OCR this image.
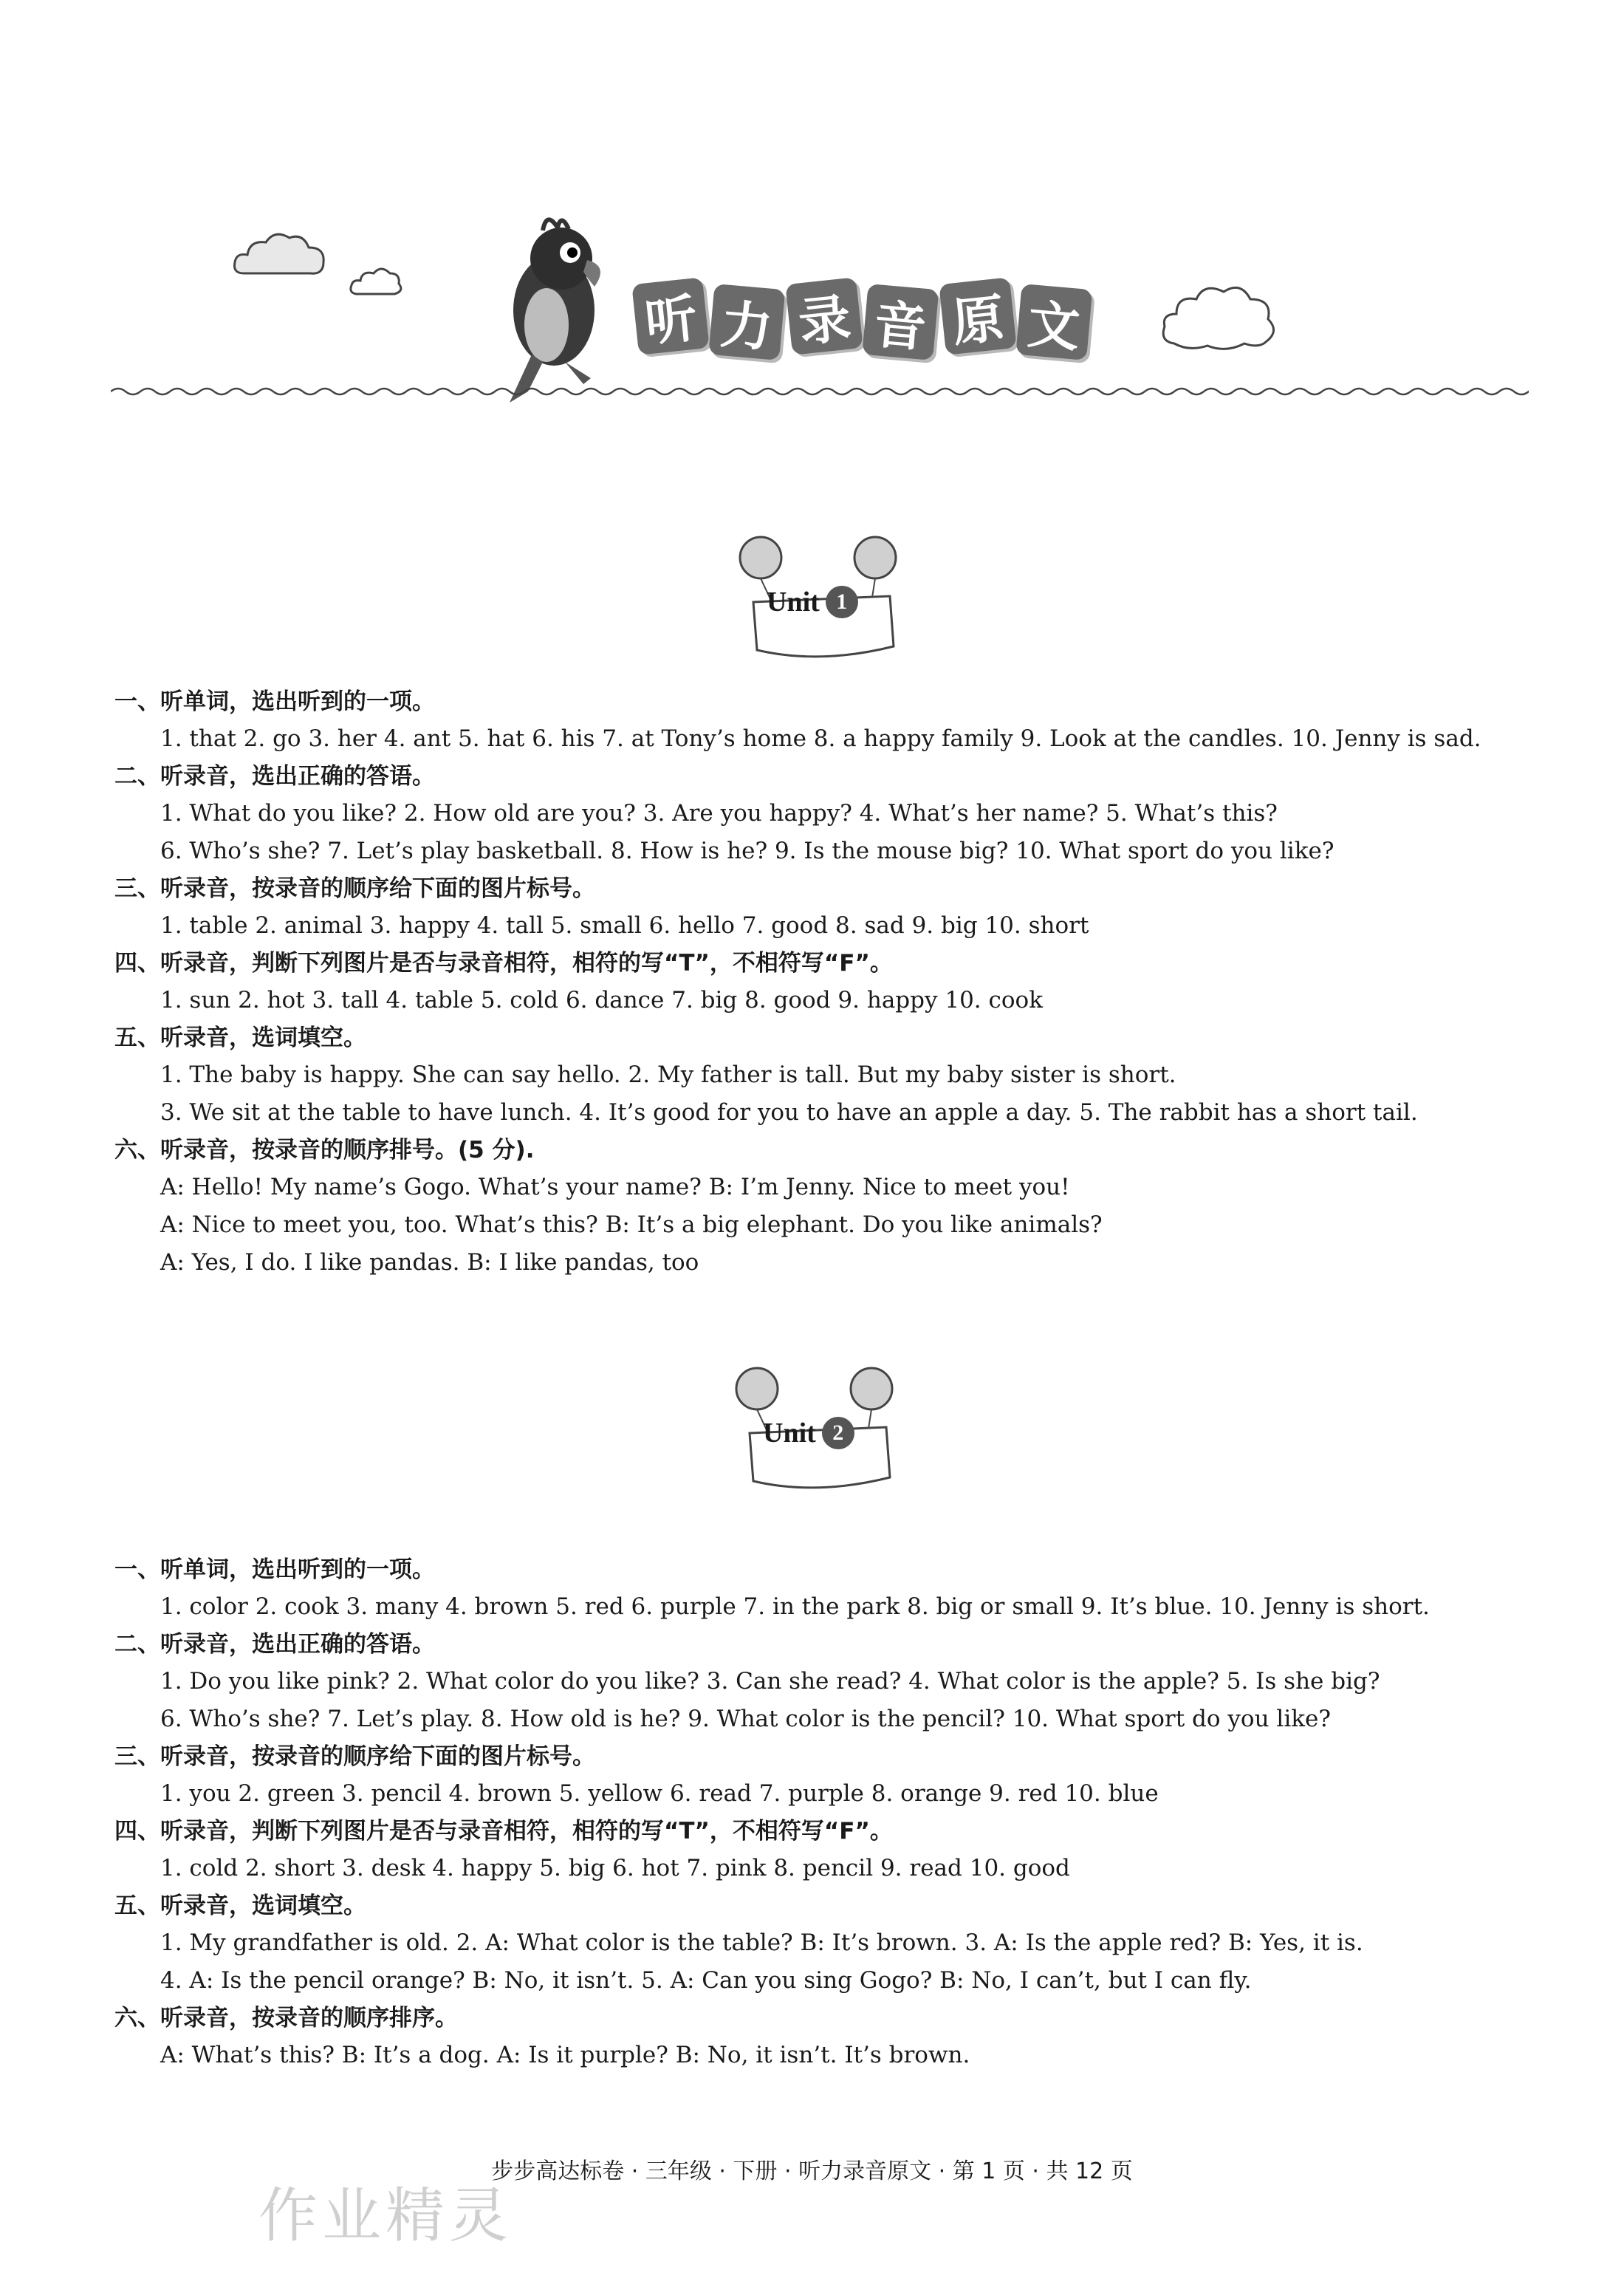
听 力 录 音 原 文
Unit 1
一、听单词，选出听到的一项。
1. that 2. go 3. her 4. ant 5. hat 6. his 7. at Tony’s home 8. a happy family 9. Look at the candles. 10. Jenny is sad.
二、听录音，选出正确的答语。
1. What do you like? 2. How old are you? 3. Are you happy? 4. What’s her name? 5. What’s this?
6. Who’s she? 7. Let’s play basketball. 8. How is he? 9. Is the mouse big? 10. What sport do you like?
三、听录音，按录音的顺序给下面的图片标号。
1. table 2. animal 3. happy 4. tall 5. small 6. hello 7. good 8. sad 9. big 10. short
四、听录音，判断下列图片是否与录音相符，相符的写“T”，不相符写“F”。
1. sun 2. hot 3. tall 4. table 5. cold 6. dance 7. big 8. good 9. happy 10. cook
五、听录音，选词填空。
1. The baby is happy. She can say hello. 2. My father is tall. But my baby sister is short.
3. We sit at the table to have lunch. 4. It’s good for you to have an apple a day. 5. The rabbit has a short tail.
六、听录音，按录音的顺序排号。(5 分).
A: Hello! My name’s Gogo. What’s your name? B: I’m Jenny. Nice to meet you!
A: Nice to meet you, too. What’s this? B: It’s a big elephant. Do you like animals?
A: Yes, I do. I like pandas. B: I like pandas, too
Unit 2
一、听单词，选出听到的一项。
1. color 2. cook 3. many 4. brown 5. red 6. purple 7. in the park 8. big or small 9. It’s blue. 10. Jenny is short.
二、听录音，选出正确的答语。
1. Do you like pink? 2. What color do you like? 3. Can she read? 4. What color is the apple? 5. Is she big?
6. Who’s she? 7. Let’s play. 8. How old is he? 9. What color is the pencil? 10. What sport do you like?
三、听录音，按录音的顺序给下面的图片标号。
1. you 2. green 3. pencil 4. brown 5. yellow 6. read 7. purple 8. orange 9. red 10. blue
四、听录音，判断下列图片是否与录音相符，相符的写“T”，不相符写“F”。
1. cold 2. short 3. desk 4. happy 5. big 6. hot 7. pink 8. pencil 9. read 10. good
五、听录音，选词填空。
1. My grandfather is old. 2. A: What color is the table? B: It’s brown. 3. A: Is the apple red? B: Yes, it is.
4. A: Is the pencil orange? B: No, it isn’t. 5. A: Can you sing Gogo? B: No, I can’t, but I can fly.
六、听录音，按录音的顺序排序。
A: What’s this? B: It’s a dog. A: Is it purple? B: No, it isn’t. It’s brown.
步步高达标卷 · 三年级 · 下册 · 听力录音原文 · 第 1 页 · 共 12 页
作业精灵
